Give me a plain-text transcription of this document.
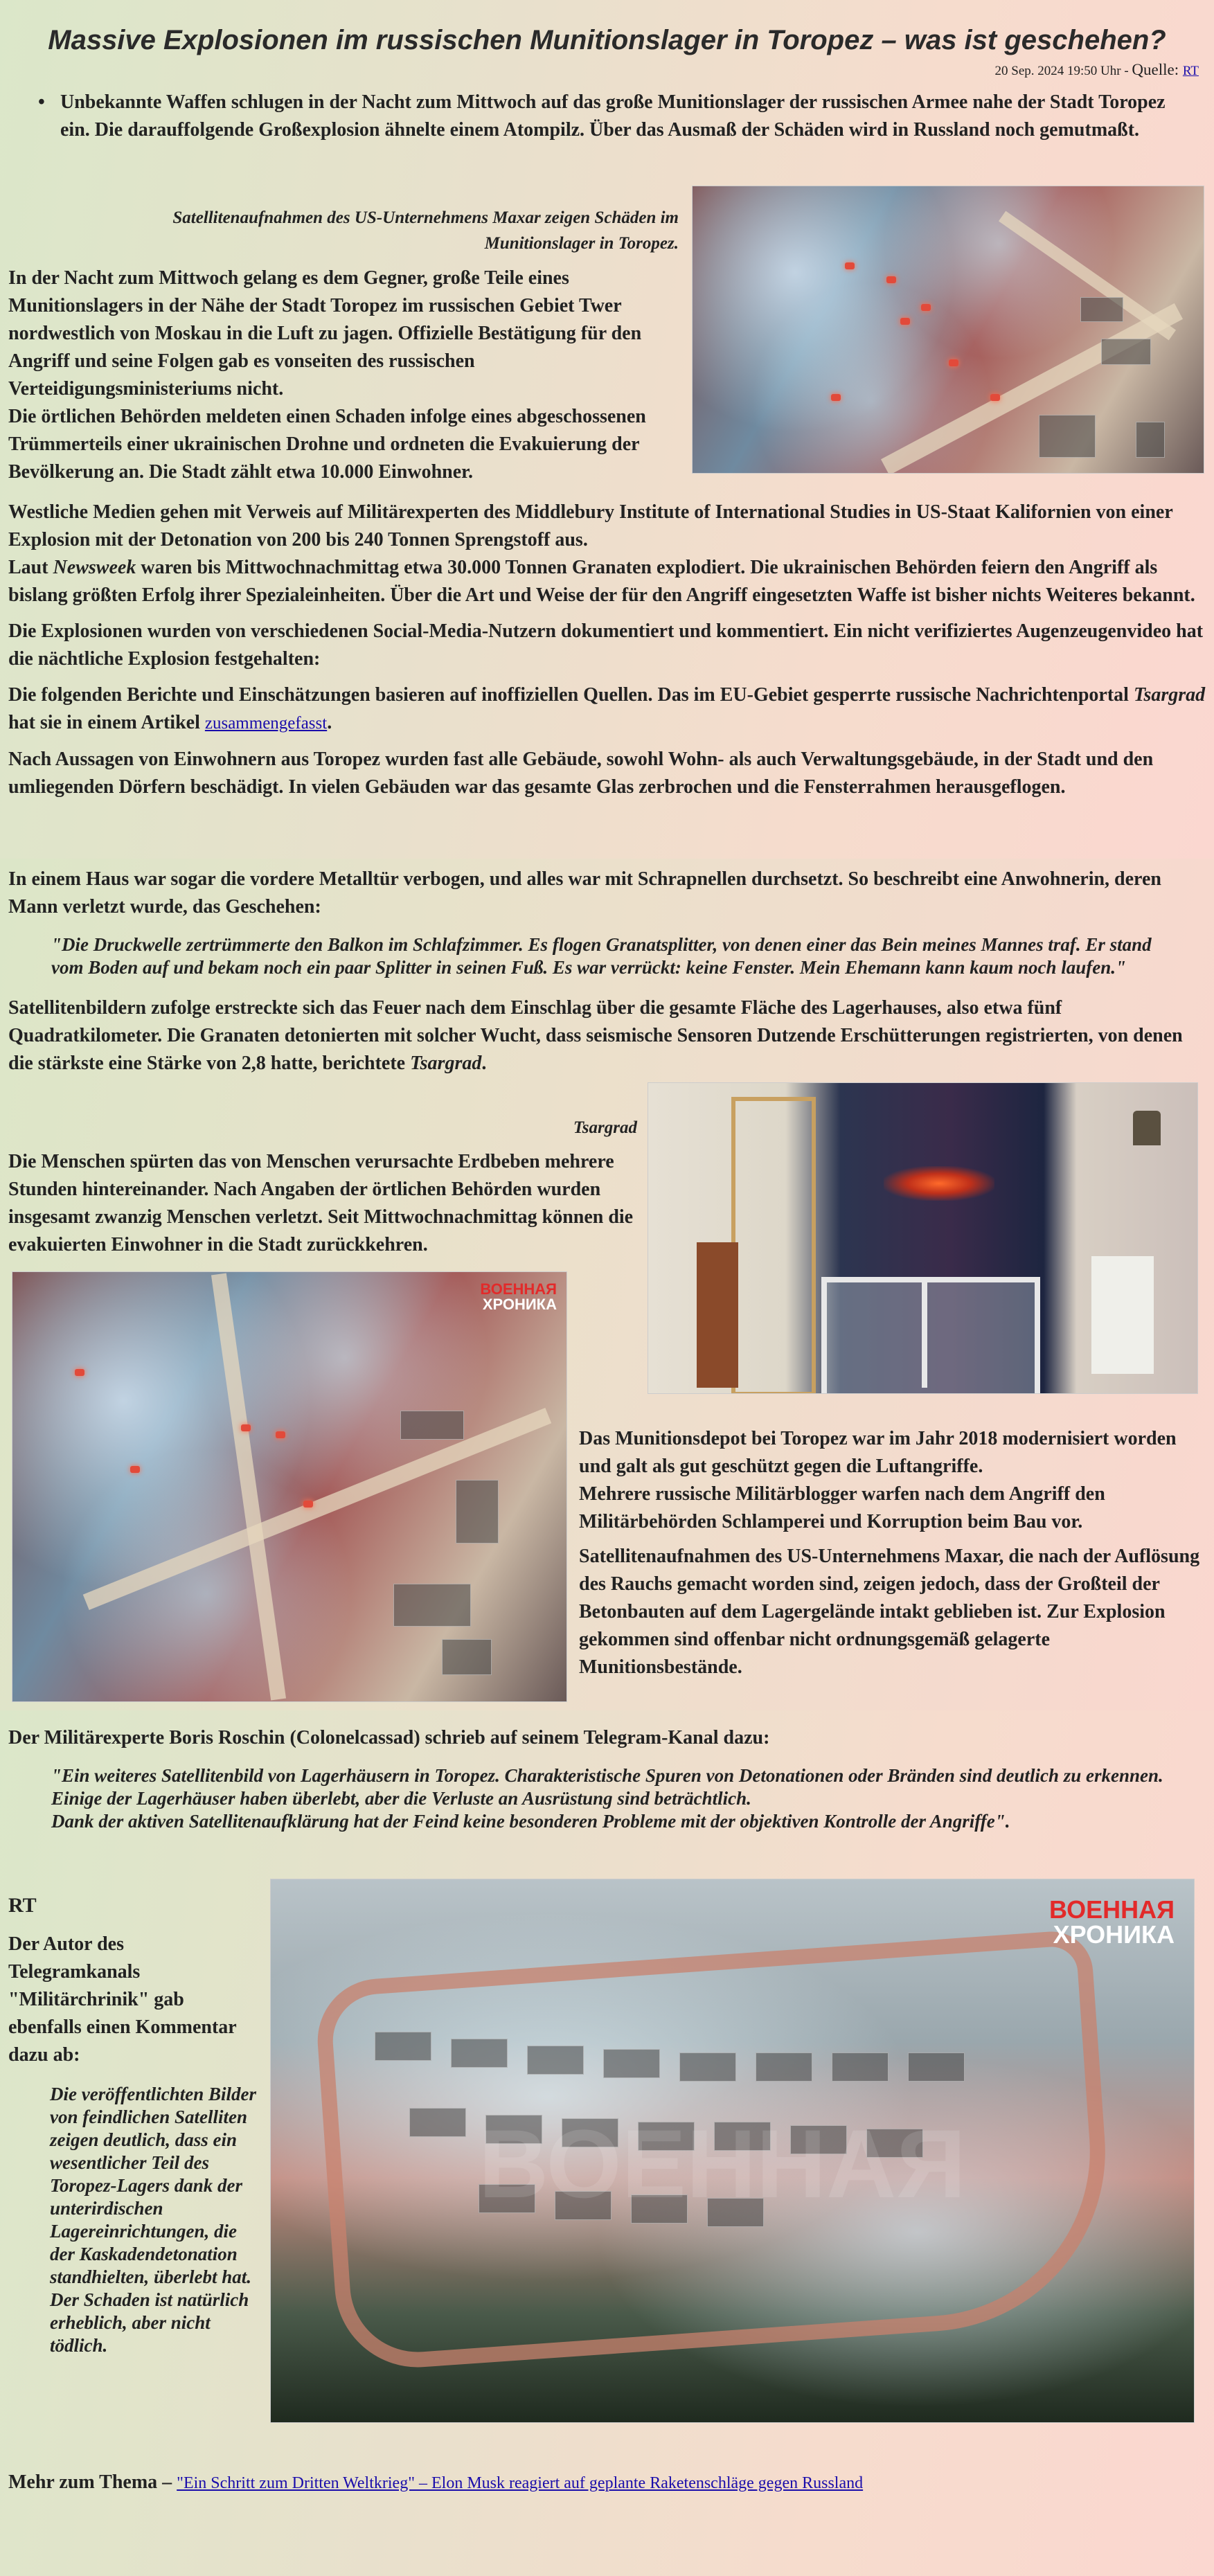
Massive Explosionen im russischen Munitionslager in Toropez – was ist geschehen?
20 Sep. 2024 19:50 Uhr - Quelle: RT
• Unbekannte Waffen schlugen in der Nacht zum Mittwoch auf das große Munitionslager der russischen Armee nahe der Stadt Toropez ein. Die darauffolgende Großexplosion ähnelte einem Atompilz. Über das Ausmaß der Schäden wird in Russland noch gemutmaßt.
Satellitenaufnahmen des US-Unternehmens Maxar zeigen Schäden im Munitionslager in Toropez.

In der Nacht zum Mittwoch gelang es dem Gegner, große Teile eines Munitionslagers in der Nähe der Stadt Toropez im russischen Gebiet Twer nordwestlich von Moskau in die Luft zu jagen. Offizielle Bestätigung für den Angriff und seine Folgen gab es vonseiten des russischen Verteidigungsministeriums nicht.

Die örtlichen Behörden meldeten einen Schaden infolge eines abgeschossenen Trümmerteils einer ukrainischen Drohne und ordneten die Evakuierung der Bevölkerung an. Die Stadt zählt etwa 10.000 Einwohner.

Westliche Medien gehen mit Verweis auf Militärexperten des Middlebury Institute of International Studies in US-Staat Kalifornien von einer Explosion mit der Detonation von 200 bis 240 Tonnen Sprengstoff aus.

Laut Newsweek waren bis Mittwochnachmittag etwa 30.000 Tonnen Granaten explodiert. Die ukrainischen Behörden feiern den Angriff als bislang größten Erfolg ihrer Spezialeinheiten. Über die Art und Weise der für den Angriff eingesetzten Waffe ist bisher nichts Weiteres bekannt.

Die Explosionen wurden von verschiedenen Social-Media-Nutzern dokumentiert und kommentiert. Ein nicht verifiziertes Augenzeugenvideo hat die nächtliche Explosion festgehalten:

Die folgenden Berichte und Einschätzungen basieren auf inoffiziellen Quellen. Das im EU-Gebiet gesperrte russische Nachrichtenportal Tsargrad hat sie in einem Artikel zusammengefasst.

Nach Aussagen von Einwohnern aus Toropez wurden fast alle Gebäude, sowohl Wohn- als auch Verwaltungsgebäude, in der Stadt und den umliegenden Dörfern beschädigt. In vielen Gebäuden war das gesamte Glas zerbrochen und die Fensterrahmen herausgeflogen.

In einem Haus war sogar die vordere Metalltür verbogen, und alles war mit Schrapnellen durchsetzt. So beschreibt eine Anwohnerin, deren Mann verletzt wurde, das Geschehen:

"Die Druckwelle zertrümmerte den Balkon im Schlafzimmer. Es flogen Granatsplitter, von denen einer das Bein meines Mannes traf. Er stand vom Boden auf und bekam noch ein paar Splitter in seinen Fuß. Es war verrückt: keine Fenster. Mein Ehemann kann kaum noch laufen."

Satellitenbildern zufolge erstreckte sich das Feuer nach dem Einschlag über die gesamte Fläche des Lagerhauses, also etwa fünf Quadratkilometer. Die Granaten detonierten mit solcher Wucht, dass seismische Sensoren Dutzende Erschütterungen registrierten, von denen die stärkste eine Stärke von 2,8 hatte, berichtete Tsargrad.

Tsargrad

Die Menschen spürten das von Menschen verursachte Erdbeben mehrere Stunden hintereinander. Nach Angaben der örtlichen Behörden wurden insgesamt zwanzig Menschen verletzt. Seit Mittwochnachmittag können die evakuierten Einwohner in die Stadt zurückkehren.

ВОЕННАЯ
ХРОНИКА

Das Munitionsdepot bei Toropez war im Jahr 2018 modernisiert worden und galt als gut geschützt gegen die Luftangriffe.

Mehrere russische Militärblogger warfen nach dem Angriff den Militärbehörden Schlamperei und Korruption beim Bau vor.

Satellitenaufnahmen des US-Unternehmens Maxar, die nach der Auflösung des Rauchs gemacht worden sind, zeigen jedoch, dass der Großteil der Betonbauten auf dem Lagergelände intakt geblieben ist. Zur Explosion gekommen sind offenbar nicht ordnungsgemäß gelagerte Munitionsbestände.

Der Militärexperte Boris Roschin (Colonelcassad) schrieb auf seinem Telegram-Kanal dazu:

"Ein weiteres Satellitenbild von Lagerhäusern in Toropez. Charakteristische Spuren von Detonationen oder Bränden sind deutlich zu erkennen. Einige der Lagerhäuser haben überlebt, aber die Verluste an Ausrüstung sind beträchtlich.
Dank der aktiven Satellitenaufklärung hat der Feind keine besonderen Probleme mit der objektiven Kontrolle der Angriffe".

RT

Der Autor des Telegramkanals "Militärchrinik" gab ebenfalls einen Kommentar dazu ab:

Die veröffentlichten Bilder von feindlichen Satelliten zeigen deutlich, dass ein wesentlicher Teil des Toropez-Lagers dank der unterirdischen Lagereinrichtungen, die der Kaskadendetonation standhielten, überlebt hat. Der Schaden ist natürlich erheblich, aber nicht tödlich.
ВОЕННАЯ
ХРОНИКА
ВОЕННАЯ
Mehr zum Thema – "Ein Schritt zum Dritten Weltkrieg" – Elon Musk reagiert auf geplante Raketenschläge gegen Russland
